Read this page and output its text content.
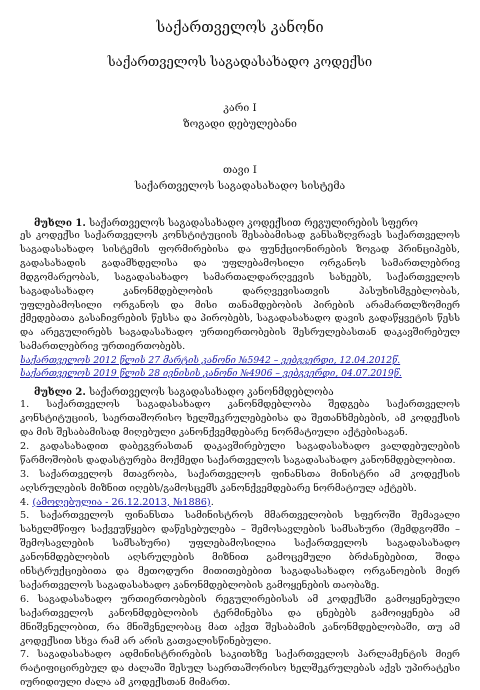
საქართველოს კანონი
საქართველოს საგადასახადო კოდექსი
კარი I
ზოგადი დებულებანი
თავი I
საქართველოს საგადასახადო სისტემა
მუხლი 1. საქართველოს საგადასახადო კოდექსით რეგულირების სფერო

ეს კოდექსი საქართველოს კონსტიტუციის შესაბამისად განსაზღვრავს საქართველოს საგადასახადო სისტემის ფორმირებისა და ფუნქციონირების ზოგად პრინციპებს, გადასახადის გადამხდელისა და უფლებამოსილი ორგანოს სამართლებრივ მდგომარეობას, საგადასახადო სამართალდარღვევის სახეებს, საქართველოს საგადასახადო კანონმდებლობის დარღვევისათვის პასუხისმგებლობას, უფლებამოსილი ორგანოს და მისი თანამდებობის პირების არამართლზომიერ ქმედებათა გასაჩივრების წესსა და პირობებს, საგადასახადო დავის გადაწყვეტის წესს და არეგულირებს საგადასახადო ურთიერთობების შესრულებასთან დაკავშირებულ სამართლებრივ ურთიერთობებს.

საქართველოს 2012 წლის 27 მარტის კანონი №5942 – ვებგვერდი, 12.04.2012წ.
საქართველოს 2019 წლის 28 ივნისის კანონი №4906 – ვებგვერდი, 04.07.2019წ.
მუხლი 2. საქართველოს საგადასახადო კანონმდებლობა

1. საქართველოს საგადასახადო კანონმდებლობა შედგება საქართველოს კონსტიტუციის, საერთაშორისო ხელშეკრულებებისა და შეთანხმებების, ამ კოდექსის და მის შესაბამისად მიღებული კანონქვემდებარე ნორმატიული აქტებისაგან.

2. გადასახადით დაბეგვრასთან დაკავშირებული საგადასახადო ვალდებულების წარმოშობის დადასტურება მოქმედი საქართველოს საგადასახადო კანონმდებლობით.

3. საქართველოს მთავრობა, საქართველოს ფინანსთა მინისტრი ამ კოდექსის აღსრულების მიზნით იღებს/გამოსცემს კანონქვემდებარე ნორმატიულ აქტებს.

4. (ამოღებულია - 26.12.2013, №1886).

5. საქართველოს ფინანსთა სამინისტროს მმართველობის სფეროში შემავალი სახელმწიფო საქვეუწყებო დაწესებულება – შემოსავლების სამსახური (შემდგომში – შემოსავლების სამსახური) უფლებამოსილია საქართველოს საგადასახადო კანონმდებლობის აღსრულების მიზნით გამოცემული ბრძანებებით, შიდა ინსტრუქციებითა და მეთოდური მითითებებით საგადასახადო ორგანოების მიერ საქართველოს საგადასახადო კანონმდებლობის გამოყენების თაობაზე.

6. საგადასახადო ურთიერთობების რეგულირებისას ამ კოდექსში გამოყენებული საქართველოს კანონმდებლობის ტერმინებსა და ცნებებს გამოიყენება ამ მნიშვნელობით, რა მნიშვნელობაც მათ აქვთ შესაბამის კანონმდებლობაში, თუ ამ კოდექსით სხვა რამ არ არის გათვალისწინებული.

7. საგადასახადო ადმინისტრირების საკითხზე საქართველოს პარლამენტის მიერ რატიფიცირებულ და ძალაში შესულ საერთაშორისო ხელშეკრულებას აქვს უპირატესი იურიდიული ძალა ამ კოდექსთან მიმართ.
